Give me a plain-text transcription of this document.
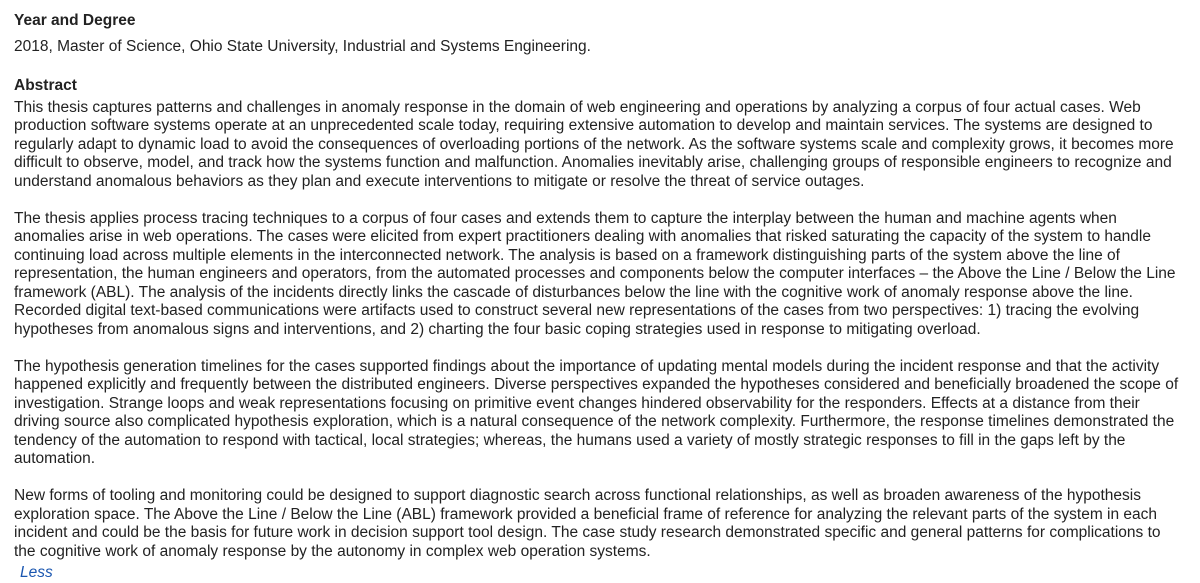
Year and Degree
2018, Master of Science, Ohio State University, Industrial and Systems Engineering.
Abstract

This thesis captures patterns and challenges in anomaly response in the domain of web engineering and operations by analyzing a corpus of four actual cases. Web production software systems operate at an unprecedented scale today, requiring extensive automation to develop and maintain services. The systems are designed to regularly adapt to dynamic load to avoid the consequences of overloading portions of the network. As the software systems scale and complexity grows, it becomes more difficult to observe, model, and track how the systems function and malfunction. Anomalies inevitably arise, challenging groups of responsible engineers to recognize and understand anomalous behaviors as they plan and execute interventions to mitigate or resolve the threat of service outages.

The thesis applies process tracing techniques to a corpus of four cases and extends them to capture the interplay between the human and machine agents when anomalies arise in web operations. The cases were elicited from expert practitioners dealing with anomalies that risked saturating the capacity of the system to handle continuing load across multiple elements in the interconnected network. The analysis is based on a framework distinguishing parts of the system above the line of representation, the human engineers and operators, from the automated processes and components below the computer interfaces – the Above the Line / Below the Line framework (ABL). The analysis of the incidents directly links the cascade of disturbances below the line with the cognitive work of anomaly response above the line. Recorded digital text-based communications were artifacts used to construct several new representations of the cases from two perspectives: 1) tracing the evolving hypotheses from anomalous signs and interventions, and 2) charting the four basic coping strategies used in response to mitigating overload.

The hypothesis generation timelines for the cases supported findings about the importance of updating mental models during the incident response and that the activity happened explicitly and frequently between the distributed engineers. Diverse perspectives expanded the hypotheses considered and beneficially broadened the scope of investigation. Strange loops and weak representations focusing on primitive event changes hindered observability for the responders. Effects at a distance from their driving source also complicated hypothesis exploration, which is a natural consequence of the network complexity. Furthermore, the response timelines demonstrated the tendency of the automation to respond with tactical, local strategies; whereas, the humans used a variety of mostly strategic responses to fill in the gaps left by the automation.

New forms of tooling and monitoring could be designed to support diagnostic search across functional relationships, as well as broaden awareness of the hypothesis exploration space. The Above the Line / Below the Line (ABL) framework provided a beneficial frame of reference for analyzing the relevant parts of the system in each incident and could be the basis for future work in decision support tool design. The case study research demonstrated specific and general patterns for complications to the cognitive work of anomaly response by the autonomy in complex web operation systems.

Less
